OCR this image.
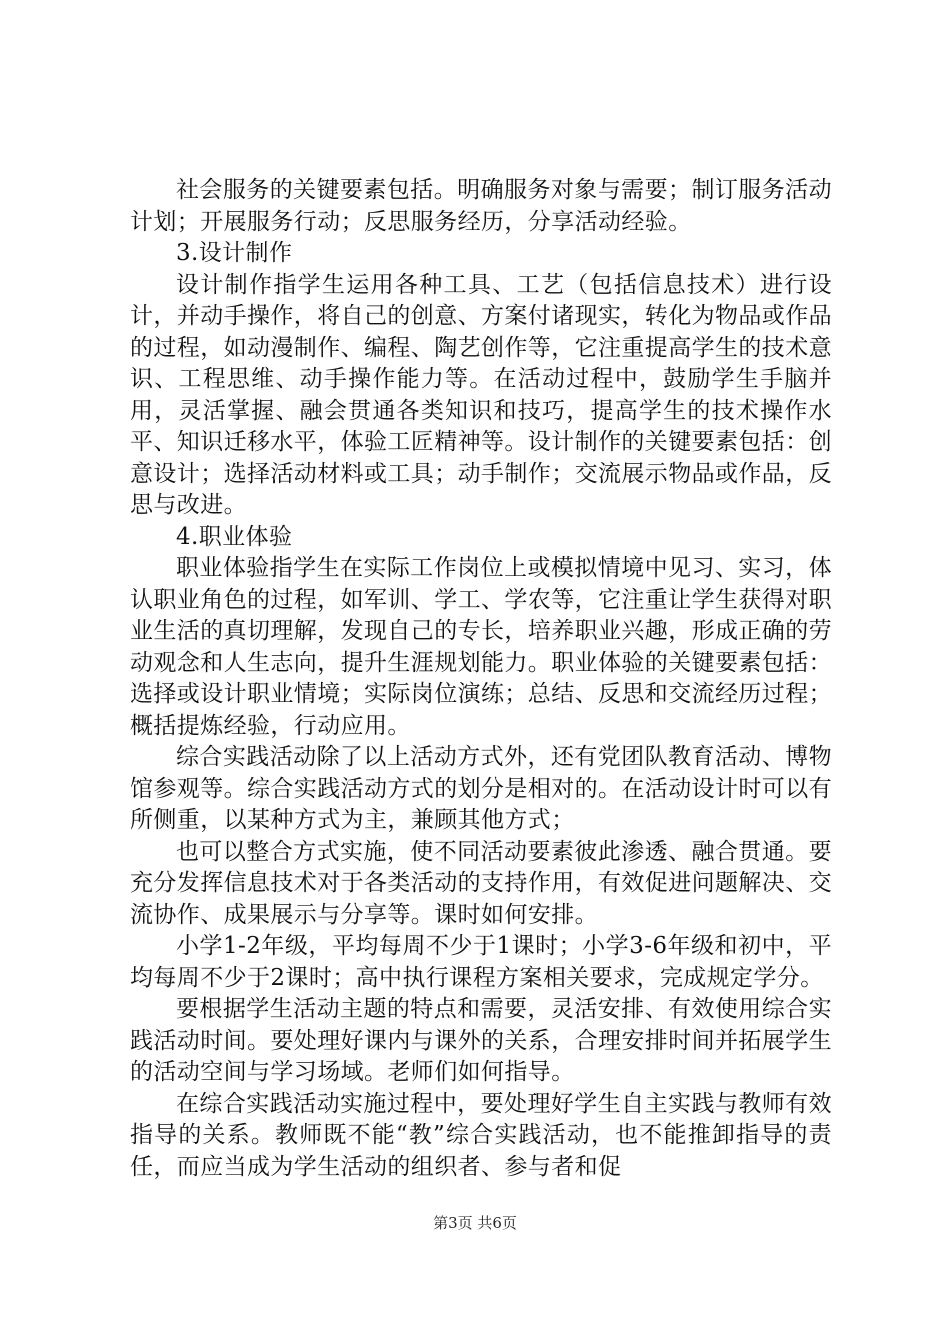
社会服务的关键要素包括。明确服务对象与需要；制订服务活动计划；开展服务行动；反思服务经历，分享活动经验。

3.设计制作

设计制作指学生运用各种工具、工艺（包括信息技术）进行设计，并动手操作，将自己的创意、方案付诸现实，转化为物品或作品的过程，如动漫制作、编程、陶艺创作等，它注重提高学生的技术意识、工程思维、动手操作能力等。在活动过程中，鼓励学生手脑并用，灵活掌握、融会贯通各类知识和技巧，提高学生的技术操作水平、知识迁移水平，体验工匠精神等。设计制作的关键要素包括：创意设计；选择活动材料或工具；动手制作；交流展示物品或作品，反思与改进。

4.职业体验

职业体验指学生在实际工作岗位上或模拟情境中见习、实习，体认职业角色的过程，如军训、学工、学农等，它注重让学生获得对职业生活的真切理解，发现自己的专长，培养职业兴趣，形成正确的劳动观念和人生志向，提升生涯规划能力。职业体验的关键要素包括：选择或设计职业情境；实际岗位演练；总结、反思和交流经历过程；概括提炼经验，行动应用。

综合实践活动除了以上活动方式外，还有党团队教育活动、博物馆参观等。综合实践活动方式的划分是相对的。在活动设计时可以有所侧重，以某种方式为主，兼顾其他方式；

也可以整合方式实施，使不同活动要素彼此渗透、融合贯通。要充分发挥信息技术对于各类活动的支持作用，有效促进问题解决、交流协作、成果展示与分享等。课时如何安排。

小学1-2年级，平均每周不少于1课时；小学3-6年级和初中，平均每周不少于2课时；高中执行课程方案相关要求，完成规定学分。

要根据学生活动主题的特点和需要，灵活安排、有效使用综合实践活动时间。要处理好课内与课外的关系，合理安排时间并拓展学生的活动空间与学习场域。老师们如何指导。

在综合实践活动实施过程中，要处理好学生自主实践与教师有效指导的关系。教师既不能“教”综合实践活动，也不能推卸指导的责任，而应当成为学生活动的组织者、参与者和促

第3页 共6页
